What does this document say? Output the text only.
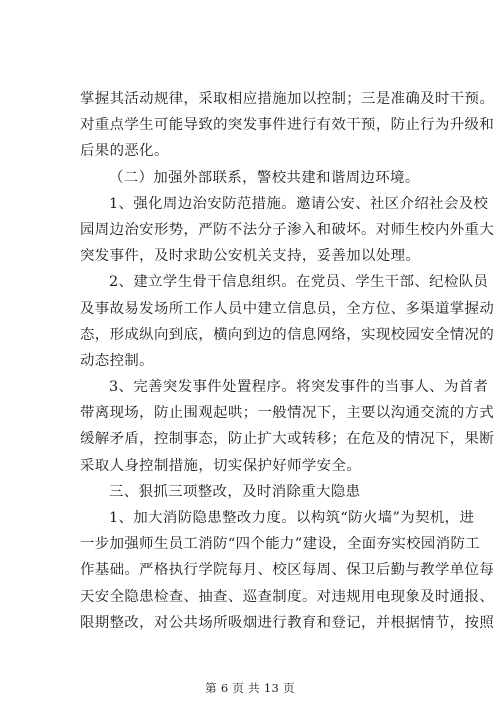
掌握其活动规律，采取相应措施加以控制；三是准确及时干预。
对重点学生可能导致的突发事件进行有效干预，防止行为升级和
后果的恶化。
（二）加强外部联系，警校共建和谐周边环境。
1、强化周边治安防范措施。邀请公安、社区介绍社会及校
园周边治安形势，严防不法分子渗入和破坏。对师生校内外重大
突发事件，及时求助公安机关支持，妥善加以处理。
2、建立学生骨干信息组织。在党员、学生干部、纪检队员
及事故易发场所工作人员中建立信息员，全方位、多渠道掌握动
态，形成纵向到底，横向到边的信息网络，实现校园安全情况的
动态控制。
3、完善突发事件处置程序。将突发事件的当事人、为首者
带离现场，防止围观起哄；一般情况下，主要以沟通交流的方式
缓解矛盾，控制事态，防止扩大或转移；在危及的情况下，果断
采取人身控制措施，切实保护好师学安全。
三、狠抓三项整改，及时消除重大隐患
1、加大消防隐患整改力度。以构筑“防火墙”为契机，进
一步加强师生员工消防“四个能力”建设，全面夯实校园消防工
作基础。严格执行学院每月、校区每周、保卫后勤与教学单位每
天安全隐患检查、抽查、巡查制度。对违规用电现象及时通报、
限期整改，对公共场所吸烟进行教育和登记，并根据情节，按照
第 6 页 共 13 页
